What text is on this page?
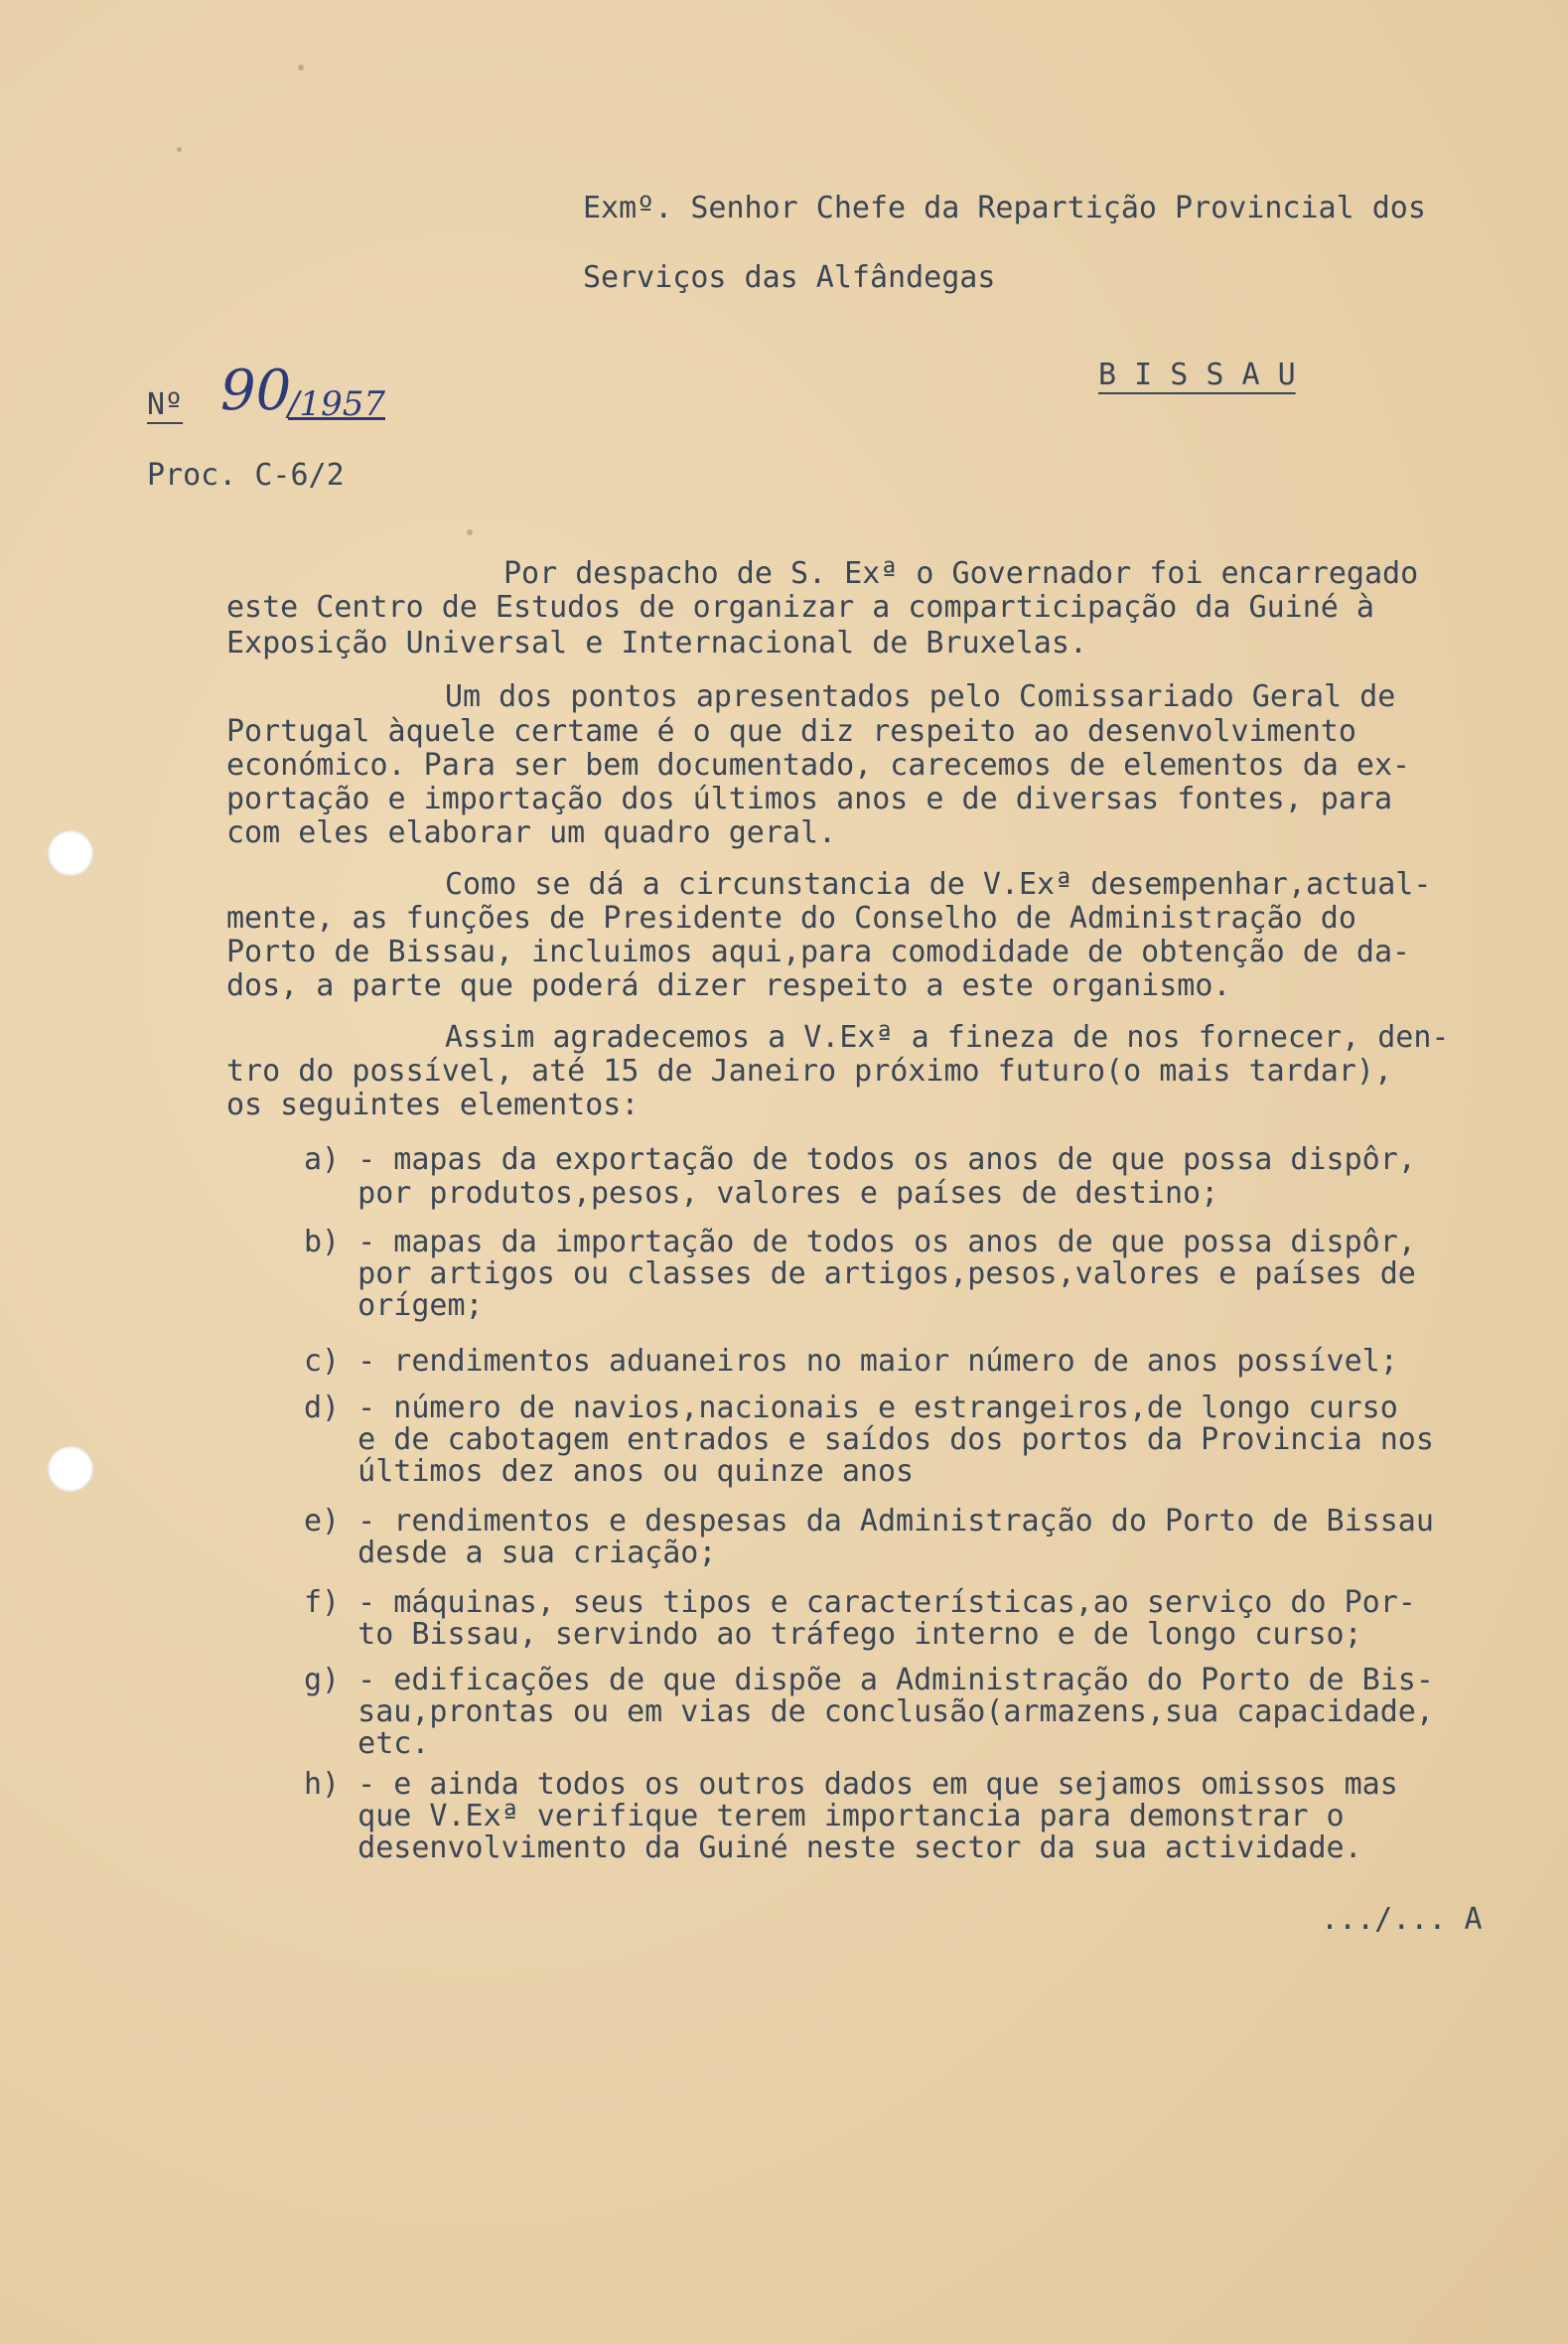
Exmº. Senhor Chefe da Repartição Provincial dos

Serviços das Alfândegas

B I S S A U

Nº 90
/1957

Proc. C-6/2

Por despacho de S. Exª o Governador foi encarregado

este Centro de Estudos de organizar a comparticipação da Guiné à

Exposição Universal e Internacional de Bruxelas.

Um dos pontos apresentados pelo Comissariado Geral de

Portugal àquele certame é o que diz respeito ao desenvolvimento

económico. Para ser bem documentado, carecemos de elementos da ex-

portação e importação dos últimos anos e de diversas fontes, para

com eles elaborar um quadro geral.

Como se dá a circunstancia de V.Exª desempenhar,actual-

mente, as funções de Presidente do Conselho de Administração do

Porto de Bissau, incluimos aqui,para comodidade de obtenção de da-

dos, a parte que poderá dizer respeito a este organismo.

Assim agradecemos a V.Exª a fineza de nos fornecer, den-

tro do possível, até 15 de Janeiro próximo futuro(o mais tardar),

os seguintes elementos:

a) - mapas da exportação de todos os anos de que possa dispôr,

por produtos,pesos, valores e países de destino;

b) - mapas da importação de todos os anos de que possa dispôr,

por artigos ou classes de artigos,pesos,valores e países de

orígem;

c) - rendimentos aduaneiros no maior número de anos possível;

d) - número de navios,nacionais e estrangeiros,de longo curso

e de cabotagem entrados e saídos dos portos da Provincia nos

últimos dez anos ou quinze anos

e) - rendimentos e despesas da Administração do Porto de Bissau

desde a sua criação;

f) - máquinas, seus tipos e características,ao serviço do Por-

to Bissau, servindo ao tráfego interno e de longo curso;

g) - edificações de que dispõe a Administração do Porto de Bis-

sau,prontas ou em vias de conclusão(armazens,sua capacidade,

etc.

h) - e ainda todos os outros dados em que sejamos omissos mas

que V.Exª verifique terem importancia para demonstrar o

desenvolvimento da Guiné neste sector da sua actividade.

.../... A
